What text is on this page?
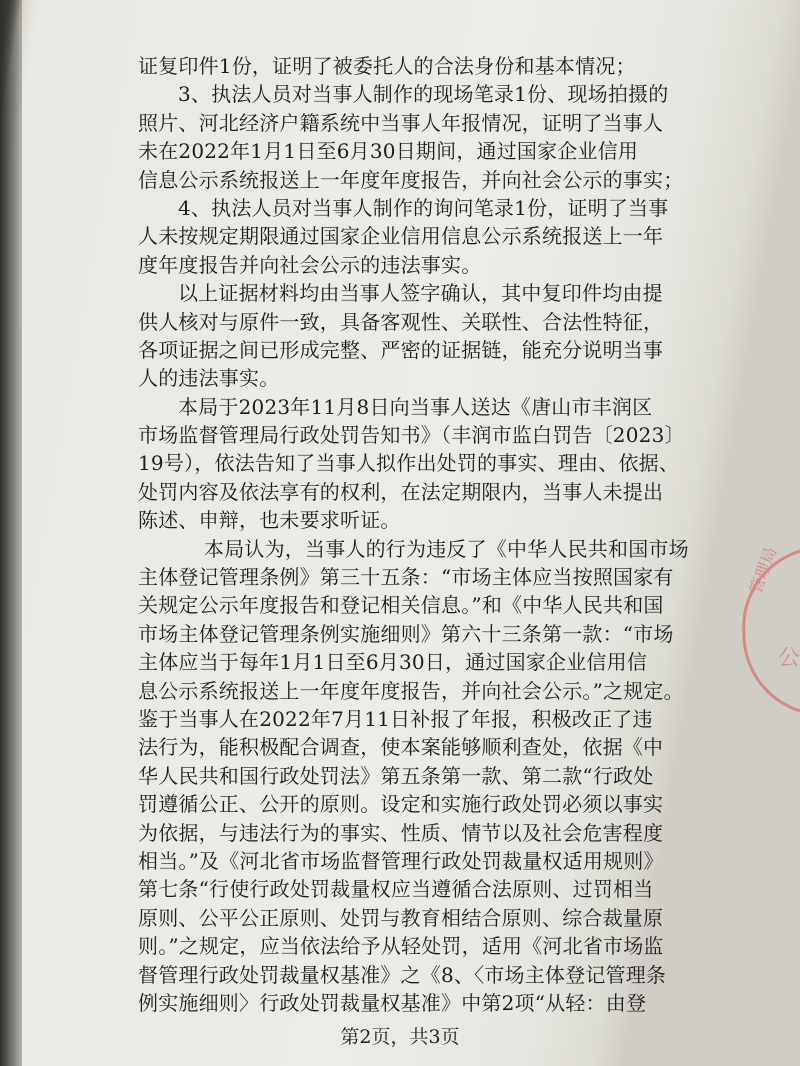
证复印件1份，证明了被委托人的合法身份和基本情况；
3、执法人员对当事人制作的现场笔录1份、现场拍摄的
照片、河北经济户籍系统中当事人年报情况，证明了当事人
未在2022年1月1日至6月30日期间，通过国家企业信用
信息公示系统报送上一年度年度报告，并向社会公示的事实；
4、执法人员对当事人制作的询问笔录1份，证明了当事
人未按规定期限通过国家企业信用信息公示系统报送上一年
度年度报告并向社会公示的违法事实。
以上证据材料均由当事人签字确认，其中复印件均由提
供人核对与原件一致，具备客观性、关联性、合法性特征，
各项证据之间已形成完整、严密的证据链，能充分说明当事
人的违法事实。
本局于2023年11月8日向当事人送达《唐山市丰润区
市场监督管理局行政处罚告知书》（丰润市监白罚告〔2023〕
19号），依法告知了当事人拟作出处罚的事实、理由、依据、
处罚内容及依法享有的权利，在法定期限内，当事人未提出
陈述、申辩，也未要求听证。
本局认为，当事人的行为违反了《中华人民共和国市场
主体登记管理条例》第三十五条：“市场主体应当按照国家有
关规定公示年度报告和登记相关信息。”和《中华人民共和国
市场主体登记管理条例实施细则》第六十三条第一款：“市场
主体应当于每年1月1日至6月30日，通过国家企业信用信
息公示系统报送上一年度年度报告，并向社会公示。”之规定。
鉴于当事人在2022年7月11日补报了年报，积极改正了违
法行为，能积极配合调查，使本案能够顺利查处，依据《中
华人民共和国行政处罚法》第五条第一款、第二款“行政处
罚遵循公正、公开的原则。设定和实施行政处罚必须以事实
为依据，与违法行为的事实、性质、情节以及社会危害程度
相当。”及《河北省市场监督管理行政处罚裁量权适用规则》
第七条“行使行政处罚裁量权应当遵循合法原则、过罚相当
原则、公平公正原则、处罚与教育相结合原则、综合裁量原
则。”之规定，应当依法给予从轻处罚，适用《河北省市场监
督管理行政处罚裁量权基准》之《8、〈市场主体登记管理条
例实施细则〉行政处罚裁量权基准》中第2项“从轻：由登
管理局
公
第2页，共3页
